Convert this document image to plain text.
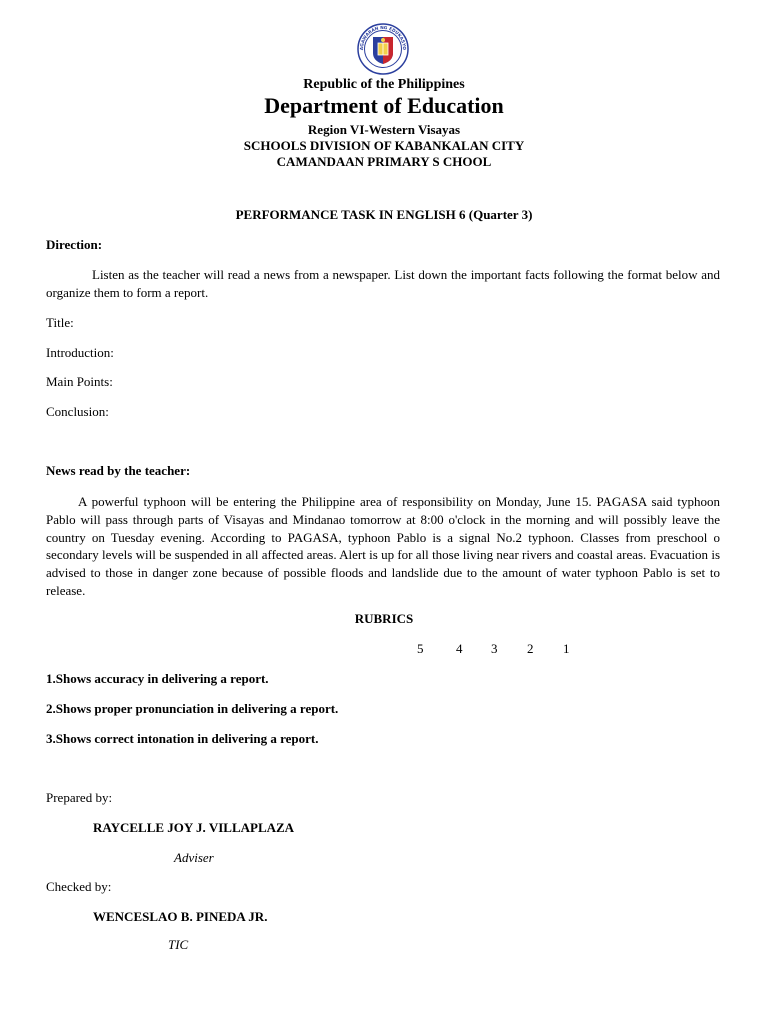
AGAWARAN NG EDUKASYO
Republic of the Philippines
Department of Education
Region VI-Western Visayas
SCHOOLS DIVISION OF KABANKALAN CITY
CAMANDAAN PRIMARY S CHOOL
PERFORMANCE TASK IN ENGLISH 6 (Quarter 3)
Direction:
Listen as the teacher will read a news from a newspaper. List down the important facts following the format below and organize them to form a report.
Title:
Introduction:
Main Points:
Conclusion:
News read by the teacher:
A powerful typhoon will be entering the Philippine area of responsibility on Monday, June 15. PAGASA said typhoon Pablo will pass through parts of Visayas and Mindanao tomorrow at 8:00 o'clock in the morning and will possibly leave the country on Tuesday evening. According to PAGASA, typhoon Pablo is a signal No.2 typhoon. Classes from preschool o secondary levels will be suspended in all affected areas. Alert is up for all those living near rivers and coastal areas. Evacuation is advised to those in danger zone because of possible floods and landslide due to the amount of water typhoon Pablo is set to release.
RUBRICS
5	4 3 2 1
1.Shows accuracy in delivering a report.
2.Shows proper pronunciation in delivering a report.
3.Shows correct intonation in delivering a report.
Prepared by:
RAYCELLE JOY J. VILLAPLAZA
Adviser
Checked by:
WENCESLAO B. PINEDA JR.
TIC
